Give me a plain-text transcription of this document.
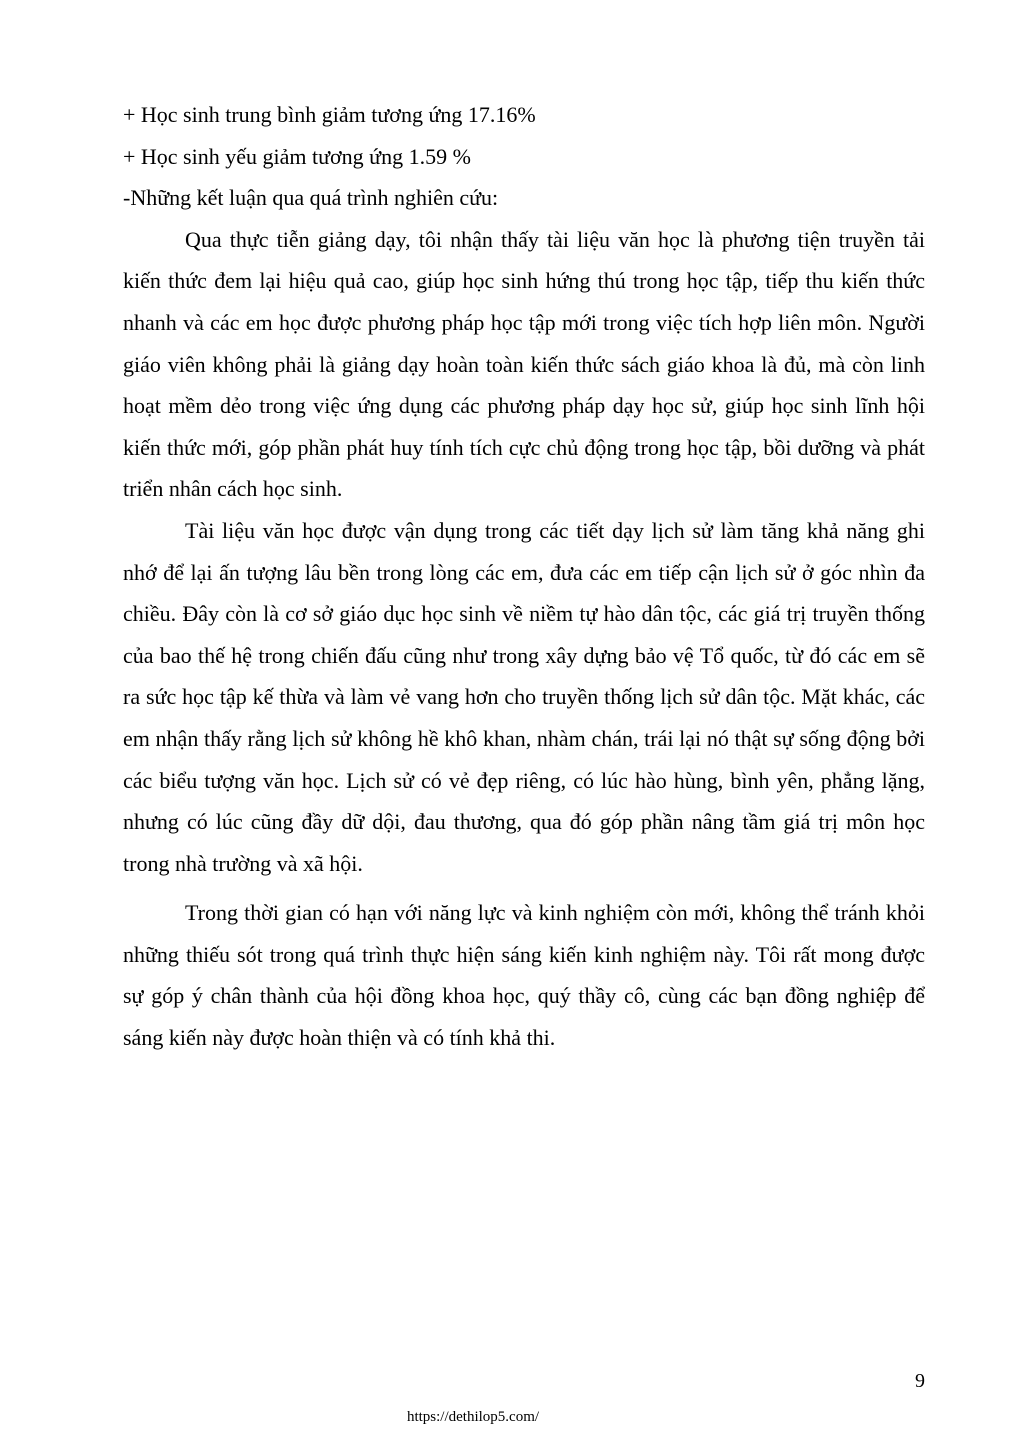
+ Học sinh trung bình giảm tương ứng 17.16%

+ Học sinh yếu giảm tương ứng 1.59 %

-Những kết luận qua quá trình nghiên cứu:

Qua thực tiễn giảng dạy, tôi nhận thấy tài liệu văn học là phương tiện truyền tải kiến thức đem lại hiệu quả cao, giúp học sinh hứng thú trong học tập, tiếp thu kiến thức nhanh và các em học được phương pháp học tập mới trong việc tích hợp liên môn. Người giáo viên không phải là giảng dạy hoàn toàn kiến thức sách giáo khoa là đủ, mà còn linh hoạt mềm dẻo trong việc ứng dụng các phương pháp dạy học sử, giúp học sinh lĩnh hội kiến thức mới, góp phần phát huy tính tích cực chủ động trong học tập, bồi dưỡng và phát triển nhân cách học sinh.

Tài liệu văn học được vận dụng trong các tiết dạy lịch sử làm tăng khả năng ghi nhớ để lại ấn tượng lâu bền trong lòng các em, đưa các em tiếp cận lịch sử ở góc nhìn đa chiều. Đây còn là cơ sở giáo dục học sinh về niềm tự hào dân tộc, các giá trị truyền thống của bao thế hệ trong chiến đấu cũng như trong xây dựng bảo vệ Tổ quốc, từ đó các em sẽ ra sức học tập kế thừa và làm vẻ vang hơn cho truyền thống lịch sử dân tộc. Mặt khác, các em nhận thấy rằng lịch sử không hề khô khan, nhàm chán, trái lại nó thật sự sống động bởi các biểu tượng văn học. Lịch sử có vẻ đẹp riêng, có lúc hào hùng, bình yên, phẳng lặng, nhưng có lúc cũng đầy dữ dội, đau thương, qua đó góp phần nâng tầm giá trị môn học trong nhà trường và xã hội.

Trong thời gian có hạn với năng lực và kinh nghiệm còn mới, không thể tránh khỏi những thiếu sót trong quá trình thực hiện sáng kiến kinh nghiệm này. Tôi rất mong được sự góp ý chân thành của hội đồng khoa học, quý thầy cô, cùng các bạn đồng nghiệp để sáng kiến này được hoàn thiện và có tính khả thi.

9
https://dethilop5.com/
